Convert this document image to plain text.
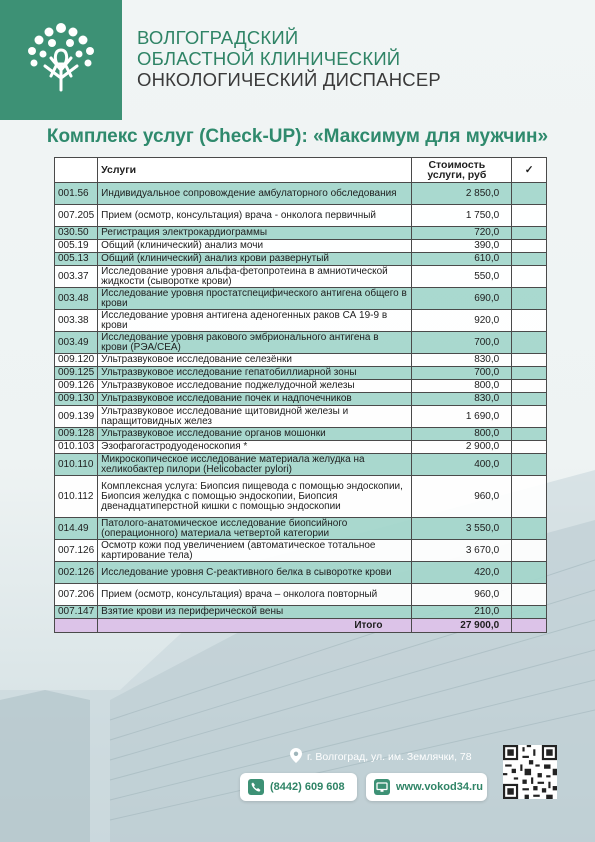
ВОЛГОГРАДСКИЙ
ОБЛАСТНОЙ КЛИНИЧЕСКИЙ
ОНКОЛОГИЧЕСКИЙ ДИСПАНСЕР
Комплекс услуг (Check-UP): «Максимум для мужчин»
	Услуги	Стоимость услуги, руб	✓
001.56	Индивидуальное сопровождение амбулаторного обследования	2 850,0	
007.205	Прием (осмотр, консультация) врача - онколога первичный	1 750,0	
030.50	Регистрация электрокардиограммы	720,0	
005.19	Общий (клинический) анализ мочи	390,0	
005.13	Общий (клинический) анализ крови развернутый	610,0	
003.37	Исследование уровня альфа-фетопротеина в амниотической жидкости (сыворотке крови)	550,0	
003.48	Исследование уровня простатспецифического антигена общего в крови	690,0	
003.38	Исследование уровня антигена аденогенных раков СА 19-9 в крови	920,0	
003.49	Исследование уровня ракового эмбрионального антигена в крови (РЭА/CEA)	700,0	
009.120	Ультразвуковое исследование селезёнки	830,0	
009.125	Ультразвуковое исследование гепатобиллиарной зоны	700,0	
009.126	Ультразвуковое исследование поджелудочной железы	800,0	
009.130	Ультразвуковое исследование почек и надпочечников	830,0	
009.139	Ультразвуковое исследование щитовидной железы и паращитовидных желез	1 690,0	
009.128	Ультразвуковое исследование органов мошонки	800,0	
010.103	Эзофагогастродуоденоскопия *	2 900,0	
010.110	Микроскопическое исследование материала желудка на хеликобактер пилори (Helicobacter pylori)	400,0	
010.112	Комплексная услуга: Биопсия пищевода с помощью эндоскопии, Биопсия желудка с помощью эндоскопии, Биопсия двенадцатиперстной кишки с помощью эндоскопии	960,0	
014.49	Патолого-анатомическое исследование биопсийного (операционного) материала четвертой категории	3 550,0	
007.126	Осмотр кожи под увеличением (автоматическое тотальное картирование тела)	3 670,0	
002.126	Исследование уровня С-реактивного белка в сыворотке крови	420,0	
007.206	Прием (осмотр, консультация) врача – онколога повторный	960,0	
007.147	Взятие крови из периферической вены	210,0	
	Итого	27 900,0	
г. Волгоград, ул. им. Землячки, 78
(8442) 609 608	www.vokod34.ru
